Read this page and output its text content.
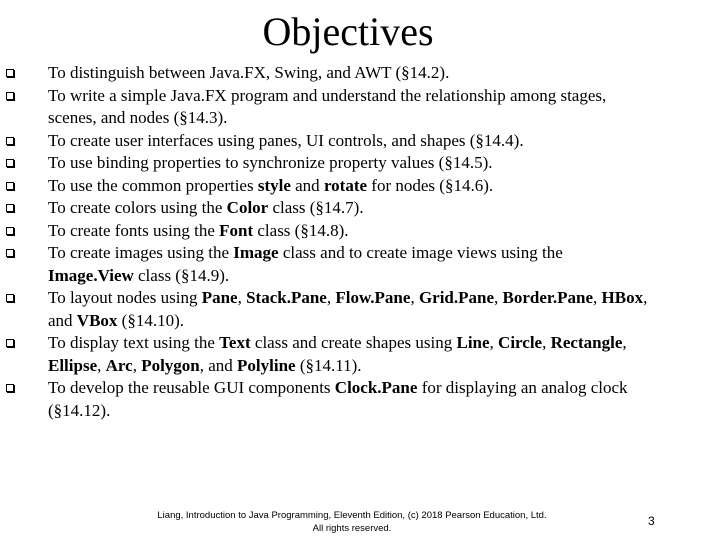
Objectives
To distinguish between Java.FX, Swing, and AWT (§14.2).
To write a simple Java.FX program and understand the relationship among stages,
scenes, and nodes (§14.3).
To create user interfaces using panes, UI controls, and shapes (§14.4).
To use binding properties to synchronize property values (§14.5).
To use the common properties style and rotate for nodes (§14.6).
To create colors using the Color class (§14.7).
To create fonts using the Font class (§14.8).
To create images using the Image class and to create image views using the
Image.View class (§14.9).
To layout nodes using Pane, Stack.Pane, Flow.Pane, Grid.Pane, Border.Pane, HBox,
and VBox (§14.10).
To display text using the Text class and create shapes using Line, Circle, Rectangle,
Ellipse, Arc, Polygon, and Polyline (§14.11).
To develop the reusable GUI components Clock.Pane for displaying an analog clock
(§14.12).
Liang, Introduction to Java Programming, Eleventh Edition, (c) 2018 Pearson Education, Ltd.
All rights reserved.
3
